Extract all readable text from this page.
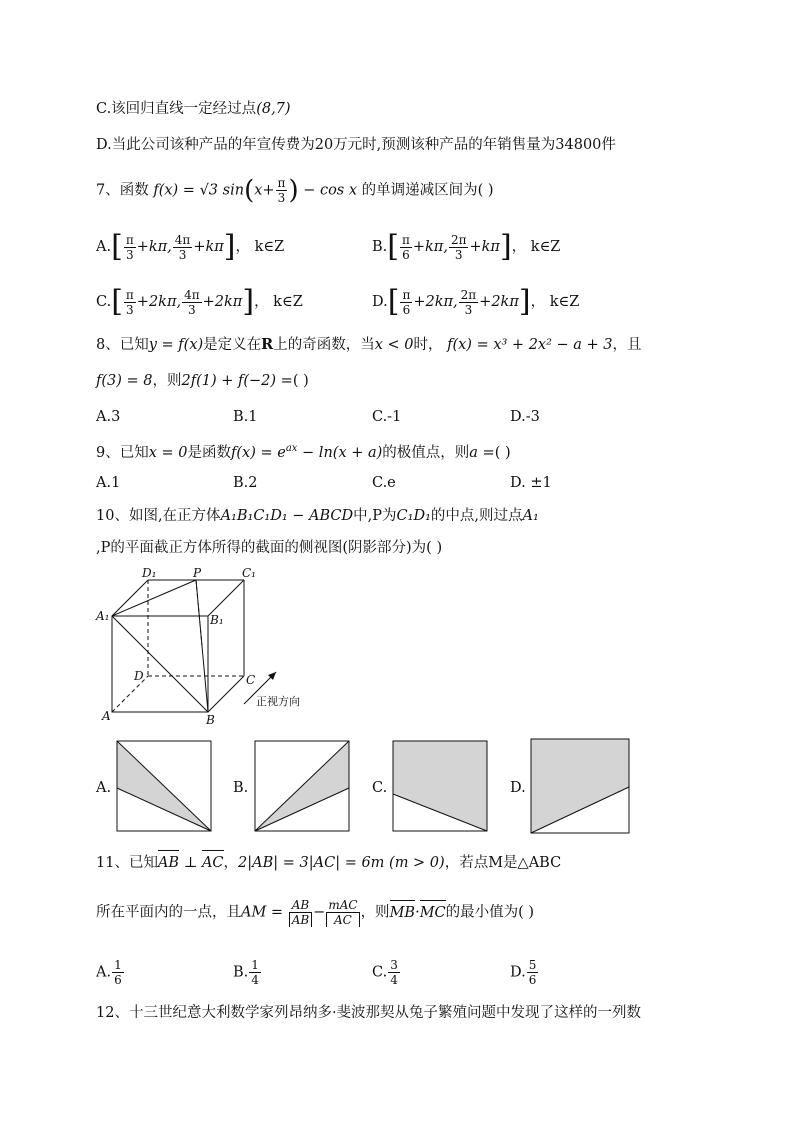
C.该回归直线一定经过点(8,7)
D.当此公司该种产品的年宣传费为20万元时,预测该种产品的年销售量为34800件
7、函数 f(x) = √3 $\sin(x+ \frac{\pi}{3}$ ) − cos x 的单调递减区间为( )
$A.[ \frac{\pi}{3} +k\pi$, $\frac{4\pi}{3} +k\pi$]， k∈Z	$B.[ \frac{\pi}{6} +k\pi$, $\frac{2\pi}{3} +k\pi$]， k∈Z
$C.[ \frac{\pi}{3} +2k\pi$, $\frac{4\pi}{3} +2k\pi$]， k∈Z	$D.[ \frac{\pi}{6} +2k\pi$, $\frac{2\pi}{3} +2k\pi$]， k∈Z
8、已知y = f(x)是定义在R上的奇函数，当x < 0时， f(x) = x³ + 2x² − a + 3，且
f(3) = 8，则2f(1) + f(−2) =( )
A.3	B.1	C.-1	D.-3
9、已知x = 0是函数$f(x) = e^{ax} - \ln(x + a)$的极值点，则a =( )
A.1	B.2	C.e	D. ±1
10、如图,在正方体A₁B₁C₁D₁ − ABCD中,P为C₁D₁的中点,则过点A₁
,P的平面截正方体所得的截面的侧视图(阴影部分)为( )
D₁	P	C₁
A₁	B₁
D	C
A	B
正视方向
A.	B.	C.	D.
11、已知AB ⊥ AC，2|AB| = 3|AC| = 6m (m > 0)，若点M是△ABC
所在平面内的一点，且AM = $\frac{AB}{AB} - \frac{\text{mAC}}{AC}$ ，则MB·MC的最小值为( )
A. $\frac{1}{6}$	B. $\frac{1}{4}$	C. $\frac{3}{4}$	D. $\frac{5}{6}$
12、十三世纪意大利数学家列昂纳多·斐波那契从兔子繁殖问题中发现了这样的一列数
